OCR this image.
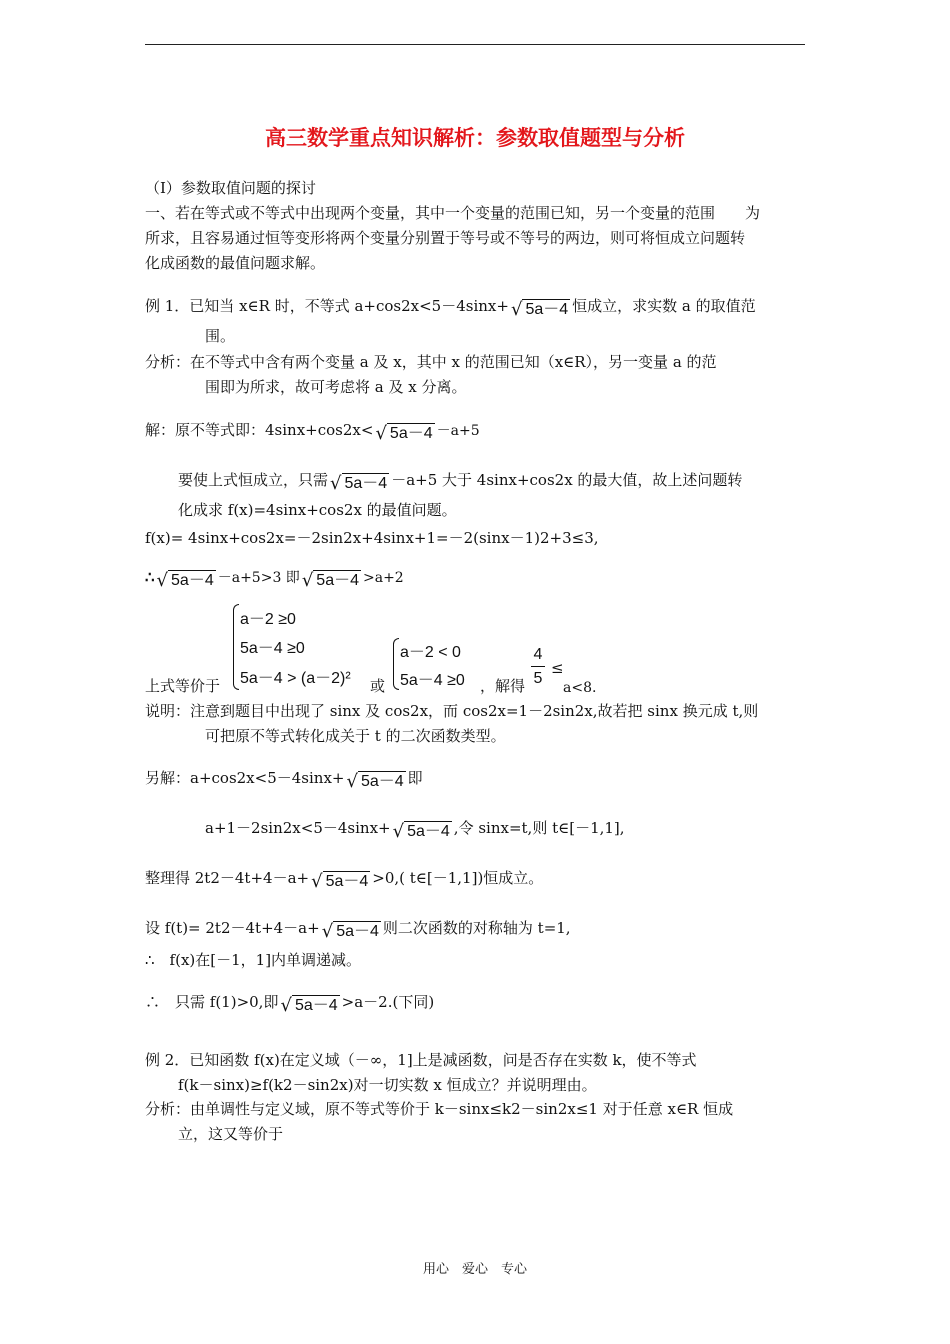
高三数学重点知识解析：参数取值题型与分析
（Ⅰ）参数取值问题的探讨
一、若在等式或不等式中出现两个变量，其中一个变量的范围已知，另一个变量的范围　　为
所求，且容易通过恒等变形将两个变量分别置于等号或不等号的两边，则可将恒成立问题转
化成函数的最值问题求解。
例 1．已知当 x∈R 时，不等式 a+cos2x<5－4sinx+ √ 5a－4 恒成立，求实数 a 的取值范
围。
分析：在不等式中含有两个变量 a 及 x，其中 x 的范围已知（x∈R），另一变量 a 的范
围即为所求，故可考虑将 a 及 x 分离。
解：原不等式即：4sinx+cos2x< √ 5a－4 －a+5
要使上式恒成立，只需 √ 5a－4 －a+5 大于 4sinx+cos2x 的最大值，故上述问题转
化成求 f(x)=4sinx+cos2x 的最值问题。
f(x)= 4sinx+cos2x=－2sin2x+4sinx+1=－2(sinx－1)2+3≤3,
∴ √ 5a－4 －a+5>3 即 √ 5a－4 >a+2
上式等价于
a－2 ≥0
5a－4 ≥0
5a－4 > (a－2)² 或
a－2 < 0
5a－4 ≥0 ，解得
4
5
≤
a<8.
说明：注意到题目中出现了 sinx 及 cos2x，而 cos2x=1－2sin2x,故若把 sinx 换元成 t,则
可把原不等式转化成关于 t 的二次函数类型。
另解：a+cos2x<5－4sinx+ √ 5a－4 即
a+1－2sin2x<5－4sinx+ √ 5a－4 ,令 sinx=t,则 t∈[－1,1],
整理得 2t2－4t+4－a+ √ 5a－4 >0,( t∈[－1,1])恒成立。
设 f(t)= 2t2－4t+4－a+ √ 5a－4 则二次函数的对称轴为 t=1,
∴　f(x)在[－1，1]内单调递减。
∴　只需 f(1)>0,即 √ 5a－4 >a－2.(下同)
例 2．已知函数 f(x)在定义域（－∞，1]上是减函数，问是否存在实数 k，使不等式
f(k－sinx)≥f(k2－sin2x)对一切实数 x 恒成立？并说明理由。
分析：由单调性与定义域，原不等式等价于 k－sinx≤k2－sin2x≤1 对于任意 x∈R 恒成
立，这又等价于
用心　爱心　专心
